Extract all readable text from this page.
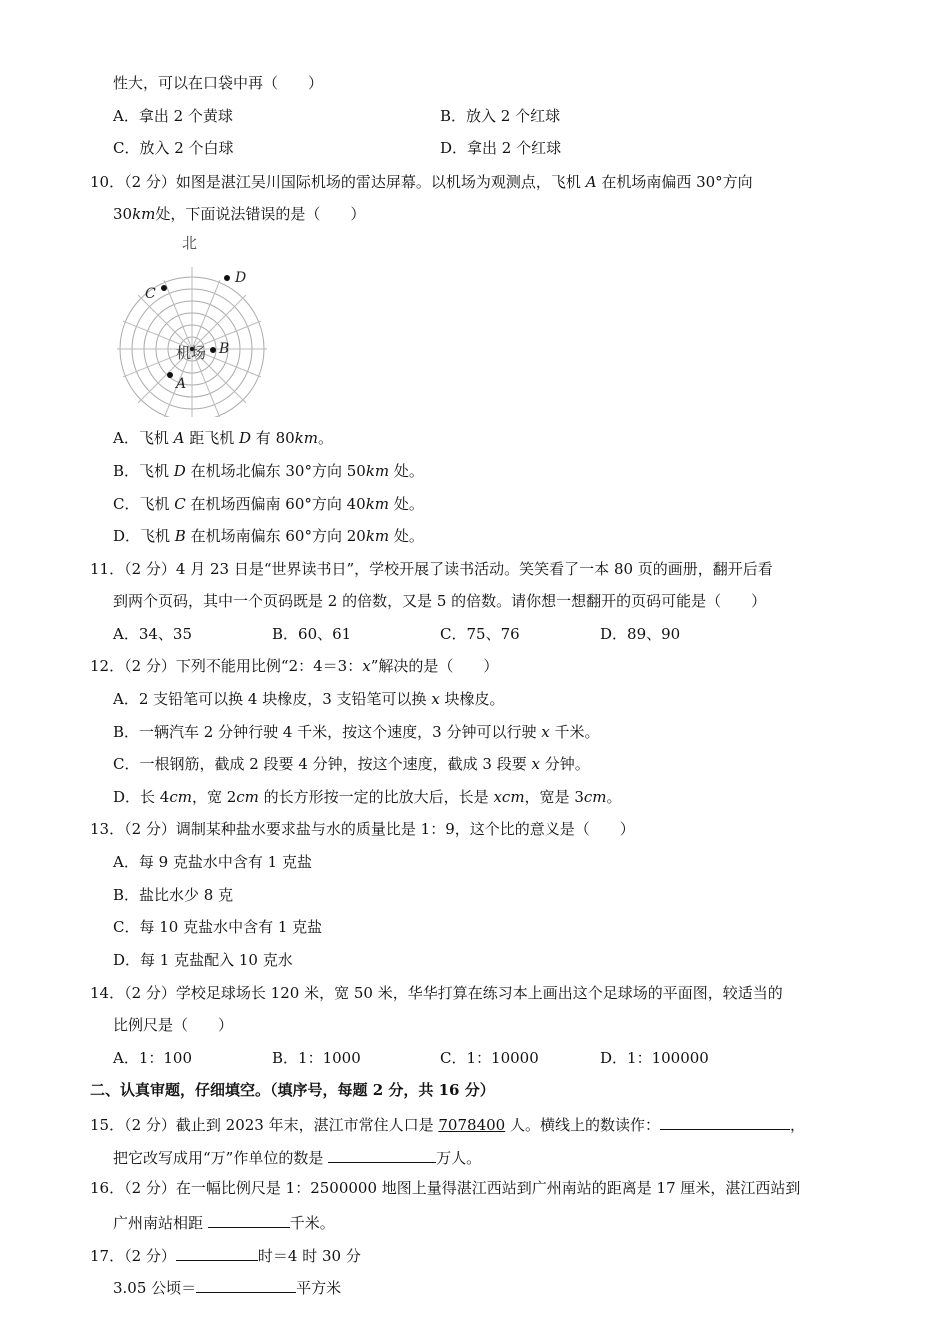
性大，可以在口袋中再（　　）
A．拿出 2 个黄球	B．放入 2 个红球
C．放入 2 个白球	D．拿出 2 个红球
10．（2 分）如图是湛江吴川国际机场的雷达屏幕。以机场为观测点，飞机 A 在机场南偏西 30°方向
30km处，下面说法错误的是（　　）
北
D
C
B
A
机场
A．飞机 A 距飞机 D 有 80km。
B．飞机 D 在机场北偏东 30°方向 50km 处。
C．飞机 C 在机场西偏南 60°方向 40km 处。
D．飞机 B 在机场南偏东 60°方向 20km 处。
11．（2 分）4 月 23 日是“世界读书日”，学校开展了读书活动。笑笑看了一本 80 页的画册，翻开后看
到两个页码，其中一个页码既是 2 的倍数，又是 5 的倍数。请你想一想翻开的页码可能是（　　）
A．34、35	B．60、61	C．75、76	D．89、90
12．（2 分）下列不能用比例“2：4＝3：x”解决的是（　　）
A．2 支铅笔可以换 4 块橡皮，3 支铅笔可以换 x 块橡皮。
B．一辆汽车 2 分钟行驶 4 千米，按这个速度，3 分钟可以行驶 x 千米。
C．一根钢筋，截成 2 段要 4 分钟，按这个速度，截成 3 段要 x 分钟。
D．长 4cm，宽 2cm 的长方形按一定的比放大后，长是 xcm，宽是 3cm。
13．（2 分）调制某种盐水要求盐与水的质量比是 1：9，这个比的意义是（　　）
A．每 9 克盐水中含有 1 克盐
B．盐比水少 8 克
C．每 10 克盐水中含有 1 克盐
D．每 1 克盐配入 10 克水
14．（2 分）学校足球场长 120 米，宽 50 米，华华打算在练习本上画出这个足球场的平面图，较适当的
比例尺是（　　）
A．1：100	B．1：1000	C．1：10000	D．1：100000
二、认真审题，仔细填空。（填序号，每题 2 分，共 16 分）
15．（2 分）截止到 2023 年末，湛江市常住人口是 7078400 人。横线上的数读作：	，
把它改写成用“万”作单位的数是	万人。
16．（2 分）在一幅比例尺是 1：2500000 地图上量得湛江西站到广州南站的距离是 17 厘米，湛江西站到
广州南站相距	千米。
17．（2 分）	时＝4 时 30 分
3.05 公顷＝	平方米
